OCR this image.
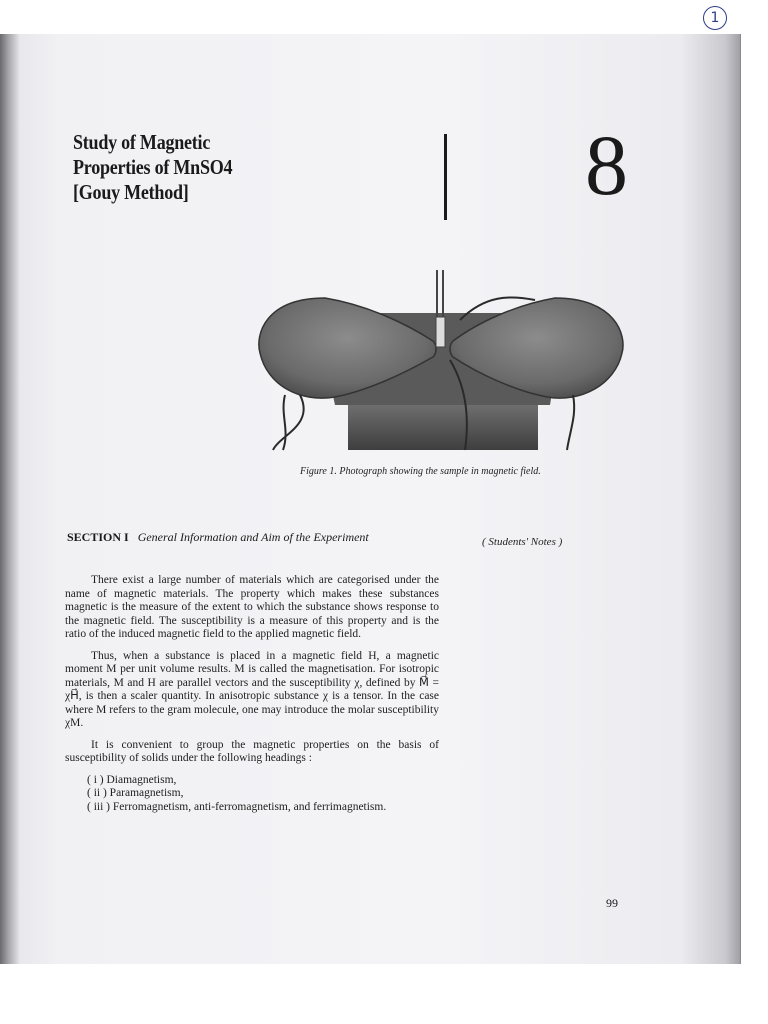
1
Study of Magnetic
Properties of MnSO4
[Gouy Method]	8
Figure 1. Photograph showing the sample in magnetic field.
SECTION I General Information and Aim of the Experiment	( Students' Notes )

There exist a large number of materials which are categorised under the name of magnetic materials. The property which makes these substances magnetic is the measure of the extent to which the substance shows response to the magnetic field. The susceptibility is a measure of this property and is the ratio of the induced magnetic field to the applied magnetic field.

Thus, when a substance is placed in a magnetic field H, a magnetic moment M per unit volume results. M is called the magnetisation. For isotropic materials, M and H are parallel vectors and the susceptibility χ, defined by M⃗ = χH⃗, is then a scaler quantity. In anisotropic substance χ is a tensor. In the case where M refers to the gram molecule, one may introduce the molar susceptibility χM.

It is convenient to group the magnetic properties on the basis of susceptibility of solids under the following headings :

( i ) Diamagnetism,
( ii ) Paramagnetism,
( iii ) Ferromagnetism, anti-ferromagnetism, and ferrimagnetism.
99
